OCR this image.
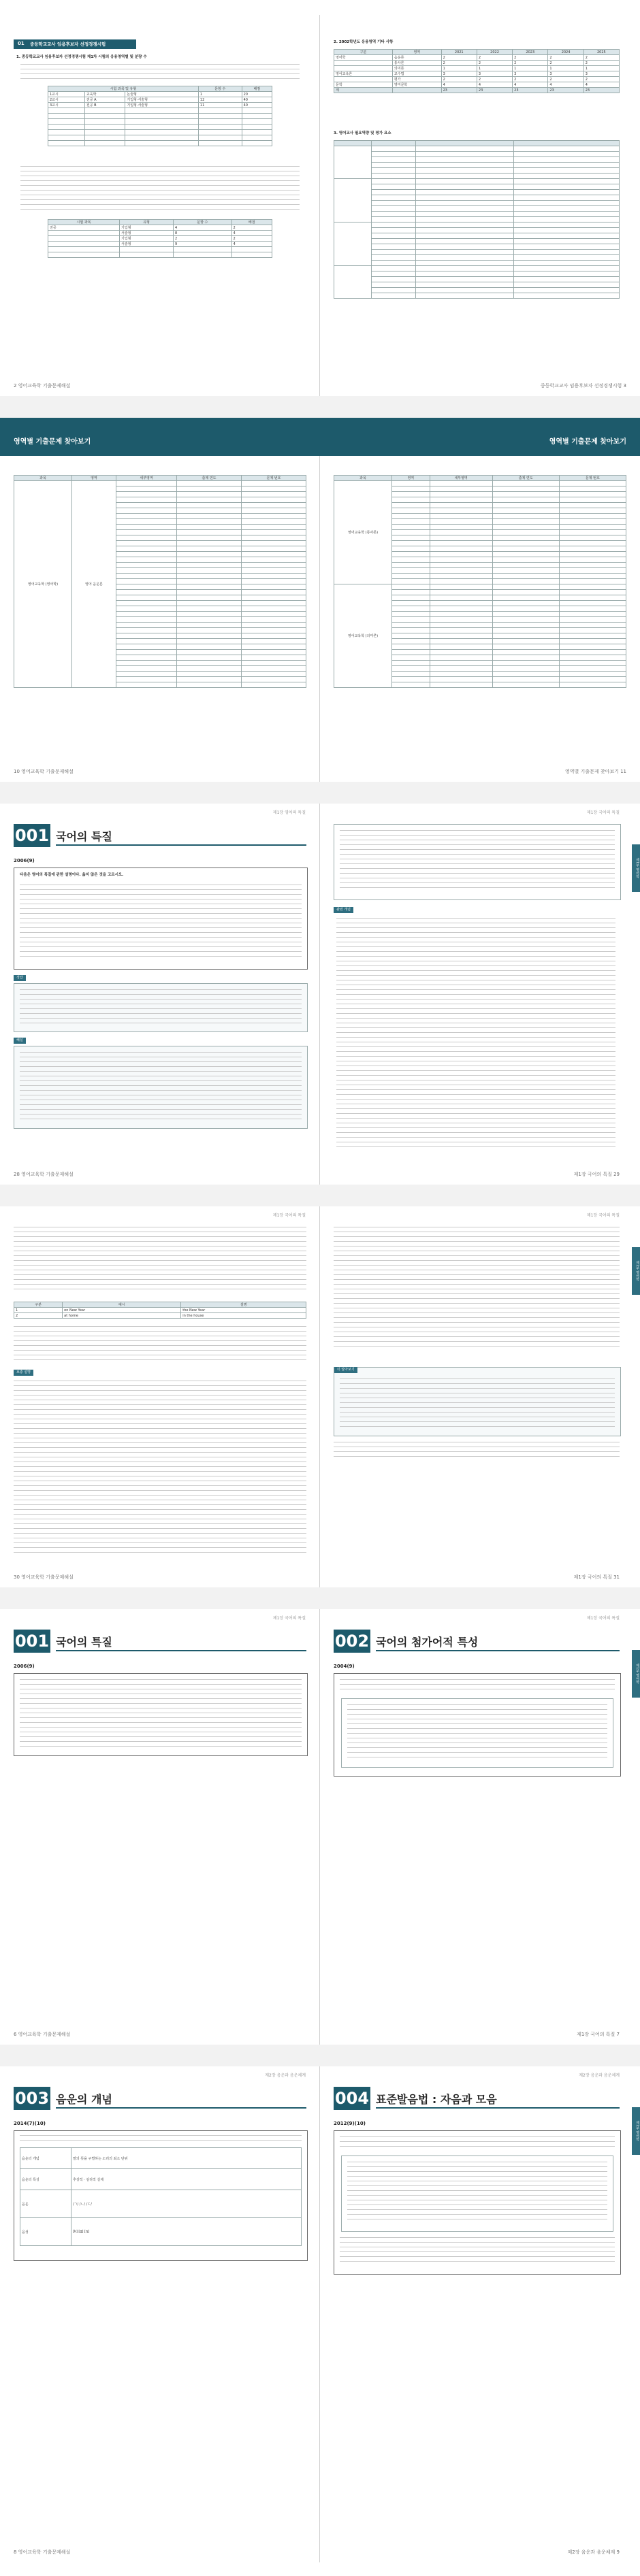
01 중등학교교사 임용후보자 선정경쟁시험
1. 중등학교교사 임용후보자 선정경쟁시험 제1차 시험의 응용영역별 및 분량 수
시험 과목 및 유형			문항 수	배점
1교시	교육학	논술형	1	20
2교시	전공 A	기입형·서술형	12	40
3교시	전공 B	기입형·서술형	11	40

시험 과목	유형	문항 수	배점
전공	기입형	4	2
	서술형	8	4
	기입형	2	2
	서술형	9	4

2 영어교육학 기출문제해설
2. 2002학년도 응용영역 기타 사항
구분	영역	2021	2022	2023	2024	2025
영어학	음운론	2	2	2	2	2
	통사론	2	2	2	2	2
	의미론	1	1	1	1	1
영어교육론	교수법	3	3	3	3	3
	평가	2	2	2	2	2
문학	영미문학	4	4	4	4	4
계		23	23	23	23	23
3. 영어교사 필요역량 및 평가 요소

중등학교교사 임용후보자 선정경쟁시험 3
영역별 기출문제 찾아보기
과목	영역	세부영역	출제 연도	문제 번호
영어교육학 (영어학)	영어 음운론			

10 영어교육학 기출문제해설
영역별 기출문제 찾아보기
과목	영역	세부영역	출제 연도	문제 번호
영어교육학 (통사론)				

영어교육학 (의미론)				

영역별 기출문제 찾아보기 11
제1장 영어의 특질
001 국어의 특질
2006(9)
다음은 영어의 특질에 관한 설명이다. 옳지 않은 것을 고르시오.
정답
해설
28 영어교육학 기출문제해설
제1장 국어의 특질
관련 개념
제1부 영어학
제1장 국어의 특질 29
제1장 국어의 특질
구분	예시	설명
1	on New Year	the New Year
2	at home	in the house
보충 설명
30 영어교육학 기출문제해설
제1장 국어의 특질
더 알아보기
제1부 영어학
제1장 국어의 특질 31
제1장 국어의 특질
001 국어의 특질
2006(9)
6 영어교육학 기출문제해설
제1장 국어의 특질
002 국어의 첨가어적 특성
2004(9)	제1부 영어학
제1장 국어의 특질 7
제2장 음운과 음운체계
003 음운의 개념
2014(7)(10)
음운의 개념	말의 뜻을 구별하는 소리의 최소 단위
음운의 특성	추상적 · 심리적 실체
음운	/ㄱ/ /ㄴ/ /ㄷ/
음성	[k] [g] [ŋ]
8 영어교육학 기출문제해설
제2장 음운과 음운체계
004 표준발음법 : 자음과 모음
2012(9)(10)	제1부 영어학
제2장 음운과 음운체계 9
